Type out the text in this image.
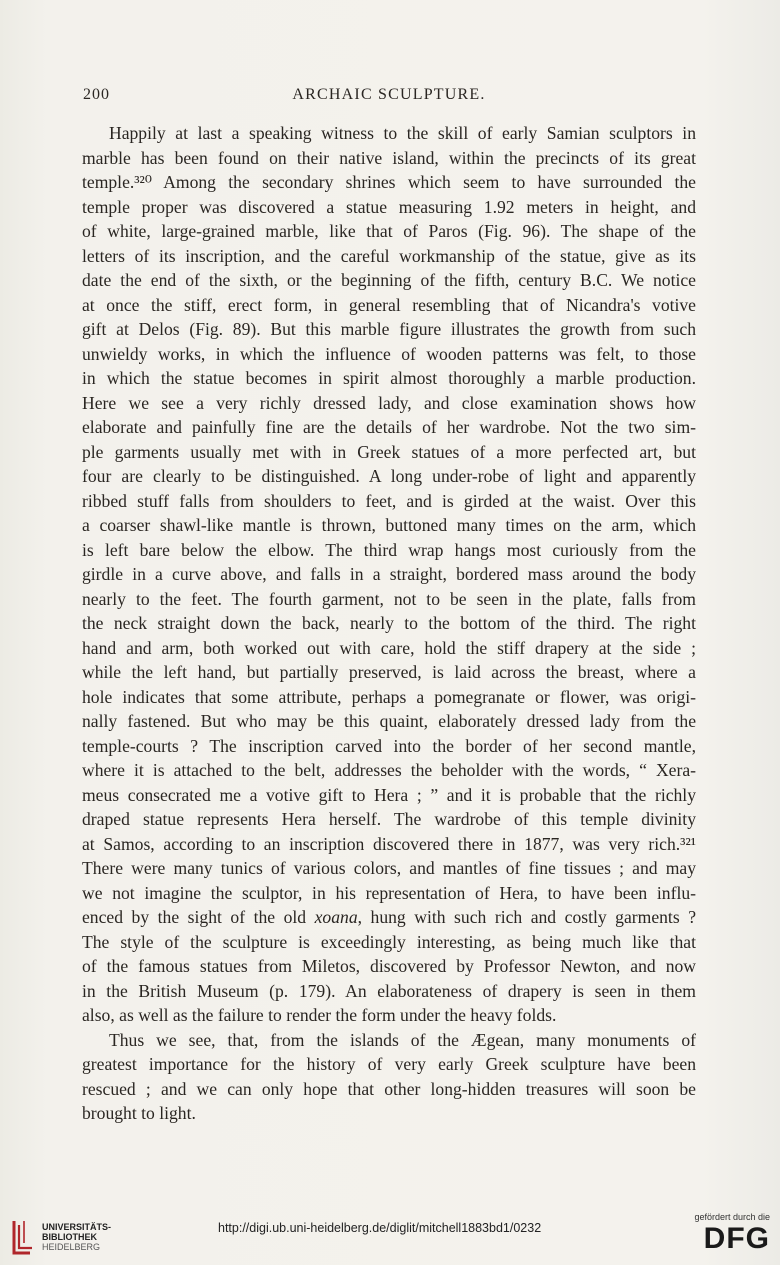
200	ARCHAIC SCULPTURE.
Happily at last a speaking witness to the skill of early Samian sculptors in
marble has been found on their native island, within the precincts of its great
temple.³²⁰ Among the secondary shrines which seem to have surrounded the
temple proper was discovered a statue measuring 1.92 meters in height, and
of white, large-grained marble, like that of Paros (Fig. 96). The shape of the
letters of its inscription, and the careful workmanship of the statue, give as its
date the end of the sixth, or the beginning of the fifth, century B.C. We notice
at once the stiff, erect form, in general resembling that of Nicandra's votive
gift at Delos (Fig. 89). But this marble figure illustrates the growth from such
unwieldy works, in which the influence of wooden patterns was felt, to those
in which the statue becomes in spirit almost thoroughly a marble production.
Here we see a very richly dressed lady, and close examination shows how
elaborate and painfully fine are the details of her wardrobe. Not the two sim-
ple garments usually met with in Greek statues of a more perfected art, but
four are clearly to be distinguished. A long under-robe of light and apparently
ribbed stuff falls from shoulders to feet, and is girded at the waist. Over this
a coarser shawl-like mantle is thrown, buttoned many times on the arm, which
is left bare below the elbow. The third wrap hangs most curiously from the
girdle in a curve above, and falls in a straight, bordered mass around the body
nearly to the feet. The fourth garment, not to be seen in the plate, falls from
the neck straight down the back, nearly to the bottom of the third. The right
hand and arm, both worked out with care, hold the stiff drapery at the side ;
while the left hand, but partially preserved, is laid across the breast, where a
hole indicates that some attribute, perhaps a pomegranate or flower, was origi-
nally fastened. But who may be this quaint, elaborately dressed lady from the
temple-courts ? The inscription carved into the border of her second mantle,
where it is attached to the belt, addresses the beholder with the words, “ Xera-
meus consecrated me a votive gift to Hera ; ” and it is probable that the richly
draped statue represents Hera herself. The wardrobe of this temple divinity
at Samos, according to an inscription discovered there in 1877, was very rich.³²¹
There were many tunics of various colors, and mantles of fine tissues ; and may
we not imagine the sculptor, in his representation of Hera, to have been influ-
enced by the sight of the old xoana, hung with such rich and costly garments ?
The style of the sculpture is exceedingly interesting, as being much like that
of the famous statues from Miletos, discovered by Professor Newton, and now
in the British Museum (p. 179). An elaborateness of drapery is seen in them
also, as well as the failure to render the form under the heavy folds.
Thus we see, that, from the islands of the Ægean, many monuments of
greatest importance for the history of very early Greek sculpture have been
rescued ; and we can only hope that other long-hidden treasures will soon be
brought to light.
UNIVERSITÄTS-
BIBLIOTHEK
HEIDELBERG
http://digi.ub.uni-heidelberg.de/diglit/mitchell1883bd1/0232
gefördert durch die
DFG
